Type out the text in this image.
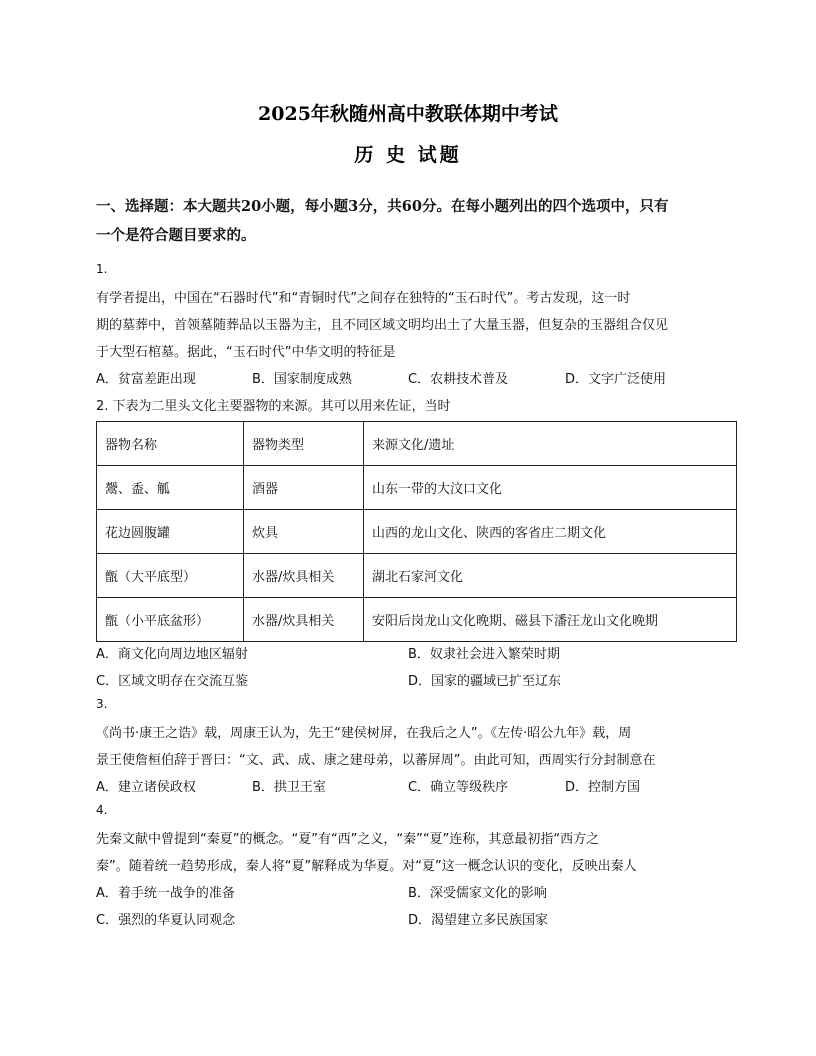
2025年秋随州高中教联体期中考试
历 史 试题
一、选择题：本大题共20小题，每小题3分，共60分。在每小题列出的四个选项中，只有
一个是符合题目要求的。
1.
有学者提出，中国在“石器时代”和“青铜时代”之间存在独特的“玉石时代”。考古发现，这一时
期的墓葬中，首领墓随葬品以玉器为主，且不同区域文明均出土了大量玉器，但复杂的玉器组合仅见
于大型石棺墓。据此，“玉石时代”中华文明的特征是
A．贫富差距出现	B．国家制度成熟	C．农耕技术普及	D．文字广泛使用
2. 下表为二里头文化主要器物的来源。其可以用来佐证，当时
器物名称	器物类型	来源文化/遗址
鬶、盉、觚	酒器	山东一带的大汶口文化
花边圆腹罐	炊具	山西的龙山文化、陕西的客省庄二期文化
甑（大平底型）	水器/炊具相关	湖北石家河文化
甑（小平底盆形）	水器/炊具相关	安阳后岗龙山文化晚期、磁县下潘汪龙山文化晚期
A．商文化向周边地区辐射	B．奴隶社会进入繁荣时期
C．区域文明存在交流互鉴	D．国家的疆域已扩至辽东
3.
《尚书·康王之诰》载，周康王认为，先王“建侯树屏，在我后之人”。《左传·昭公九年》载，周
景王使詹桓伯辞于晋曰：“文、武、成、康之建母弟，以蕃屏周”。由此可知，西周实行分封制意在
A．建立诸侯政权	B．拱卫王室	C．确立等级秩序	D．控制方国
4.
先秦文献中曾提到“秦夏”的概念。“夏”有“西”之义，“秦”“夏”连称，其意最初指“西方之
秦”。随着统一趋势形成，秦人将“夏”解释成为华夏。对“夏”这一概念认识的变化，反映出秦人
A．着手统一战争的准备	B．深受儒家文化的影响
C．强烈的华夏认同观念	D．渴望建立多民族国家
